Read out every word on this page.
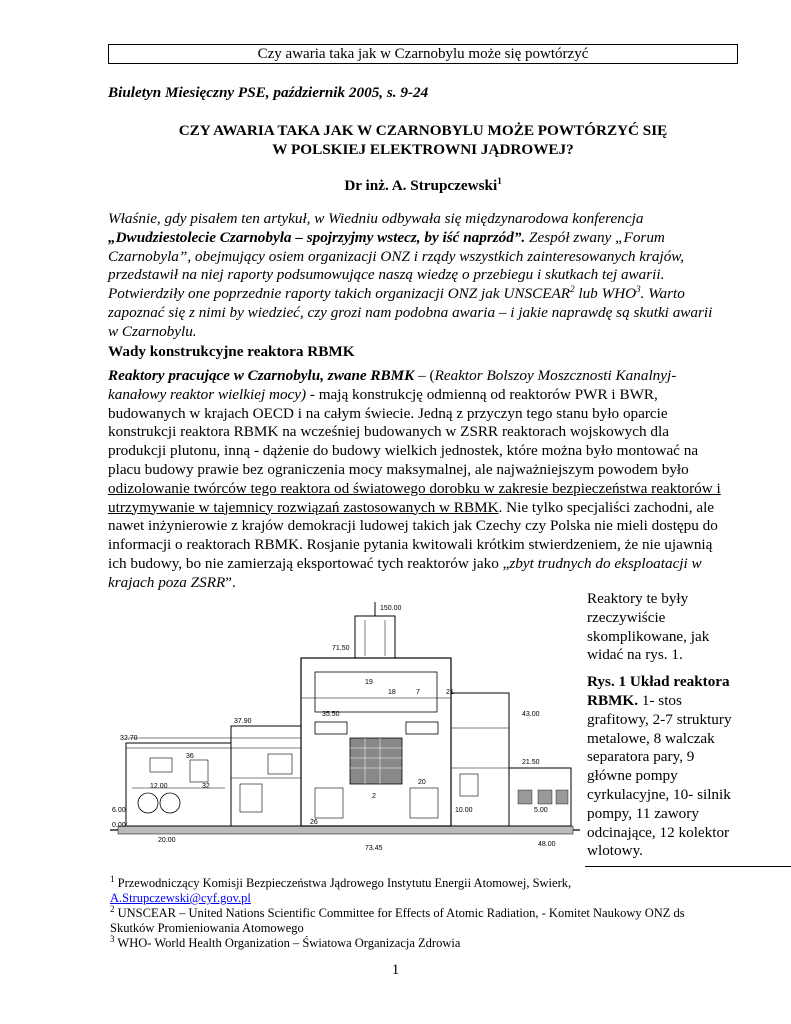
Czy awaria taka jak w Czarnobylu może się powtórzyć
Biuletyn Miesięczny PSE, październik 2005, s. 9-24
CZY AWARIA TAKA JAK W CZARNOBYLU MOŻE POWTÓRZYĆ SIĘ
W POLSKIEJ ELEKTROWNI JĄDROWEJ?
Dr inż. A. Strupczewski$^1$
Właśnie, gdy pisałem ten artykuł, w Wiedniu odbywała się międzynarodowa konferencja
„Dwudziestolecie Czarnobyla – spojrzyjmy wstecz, by iść naprzód”. Zespół zwany „Forum
Czarnobyla”, obejmujący osiem organizacji ONZ i rządy wszystkich zainteresowanych krajów,
przedstawił na niej raporty podsumowujące naszą wiedzę o przebiegu i skutkach tej awarii.
Potwierdziły one poprzednie raporty takich organizacji ONZ jak UNSCEAR$^2$ lub WHO$^3$. Warto
zapoznać się z nimi by wiedzieć, czy grozi nam podobna awaria – i jakie naprawdę są skutki awarii
w Czarnobylu.
Wady konstrukcyjne reaktora RBMK
Reaktory pracujące w Czarnobylu, zwane RBMK – (Reaktor Bolszoy Moszcznosti Kanalnyj-
kanałowy reaktor wielkiej mocy) - mają konstrukcję odmienną od reaktorów PWR i BWR,
budowanych w krajach OECD i na całym świecie. Jedną z przyczyn tego stanu było oparcie
konstrukcji reaktora RBMK na wcześniej budowanych w ZSRR reaktorach wojskowych dla
produkcji plutonu, inną - dążenie do budowy wielkich jednostek, które można było montować na
placu budowy prawie bez ograniczenia mocy maksymalnej, ale najważniejszym powodem było
odizolowanie twórców tego reaktora od światowego dorobku w zakresie bezpieczeństwa reaktorów i
utrzymywanie w tajemnicy rozwiązań zastosowanych w RBMK. Nie tylko specjaliści zachodni, ale
nawet inżynierowie z krajów demokracji ludowej takich jak Czechy czy Polska nie mieli dostępu do
informacji o reaktorach RBMK. Rosjanie pytania kwitowali krótkim stwierdzeniem, że nie ujawnią
ich budowy, bo nie zamierzają eksportować tych reaktorów jako „zbyt trudnych do eksploatacji w
krajach poza ZSRR”.
Reaktory te były
rzeczywiście
skomplikowane, jak
widać na rys. 1.
Rys. 1 Układ reaktora
RBMK. 1- stos
grafitowy, 2-7 struktury
metalowe, 8 walczak
separatora pary, 9
główne pompy
cyrkulacyjne, 10- silnik
pompy, 11 zawory
odcinające, 12 kolektor
wlotowy.
150.00
71.50
43.00
37.90
35.50
32.70
21.50
12.00
6.00
0.00
20.00
73.45
48.00
10.00	5.00
19
18	7	21
36
32
26
20
2
$^1$ Przewodniczący Komisji Bezpieczeństwa Jądrowego Instytutu Energii Atomowej, Swierk,
A.Strupczewski@cyf.gov.pl
$^2$ UNSCEAR – United Nations Scientific Committee for Effects of Atomic Radiation, - Komitet Naukowy ONZ ds
Skutków Promieniowania Atomowego
$^3$ WHO- World Health Organization – Światowa Organizacja Zdrowia
1
